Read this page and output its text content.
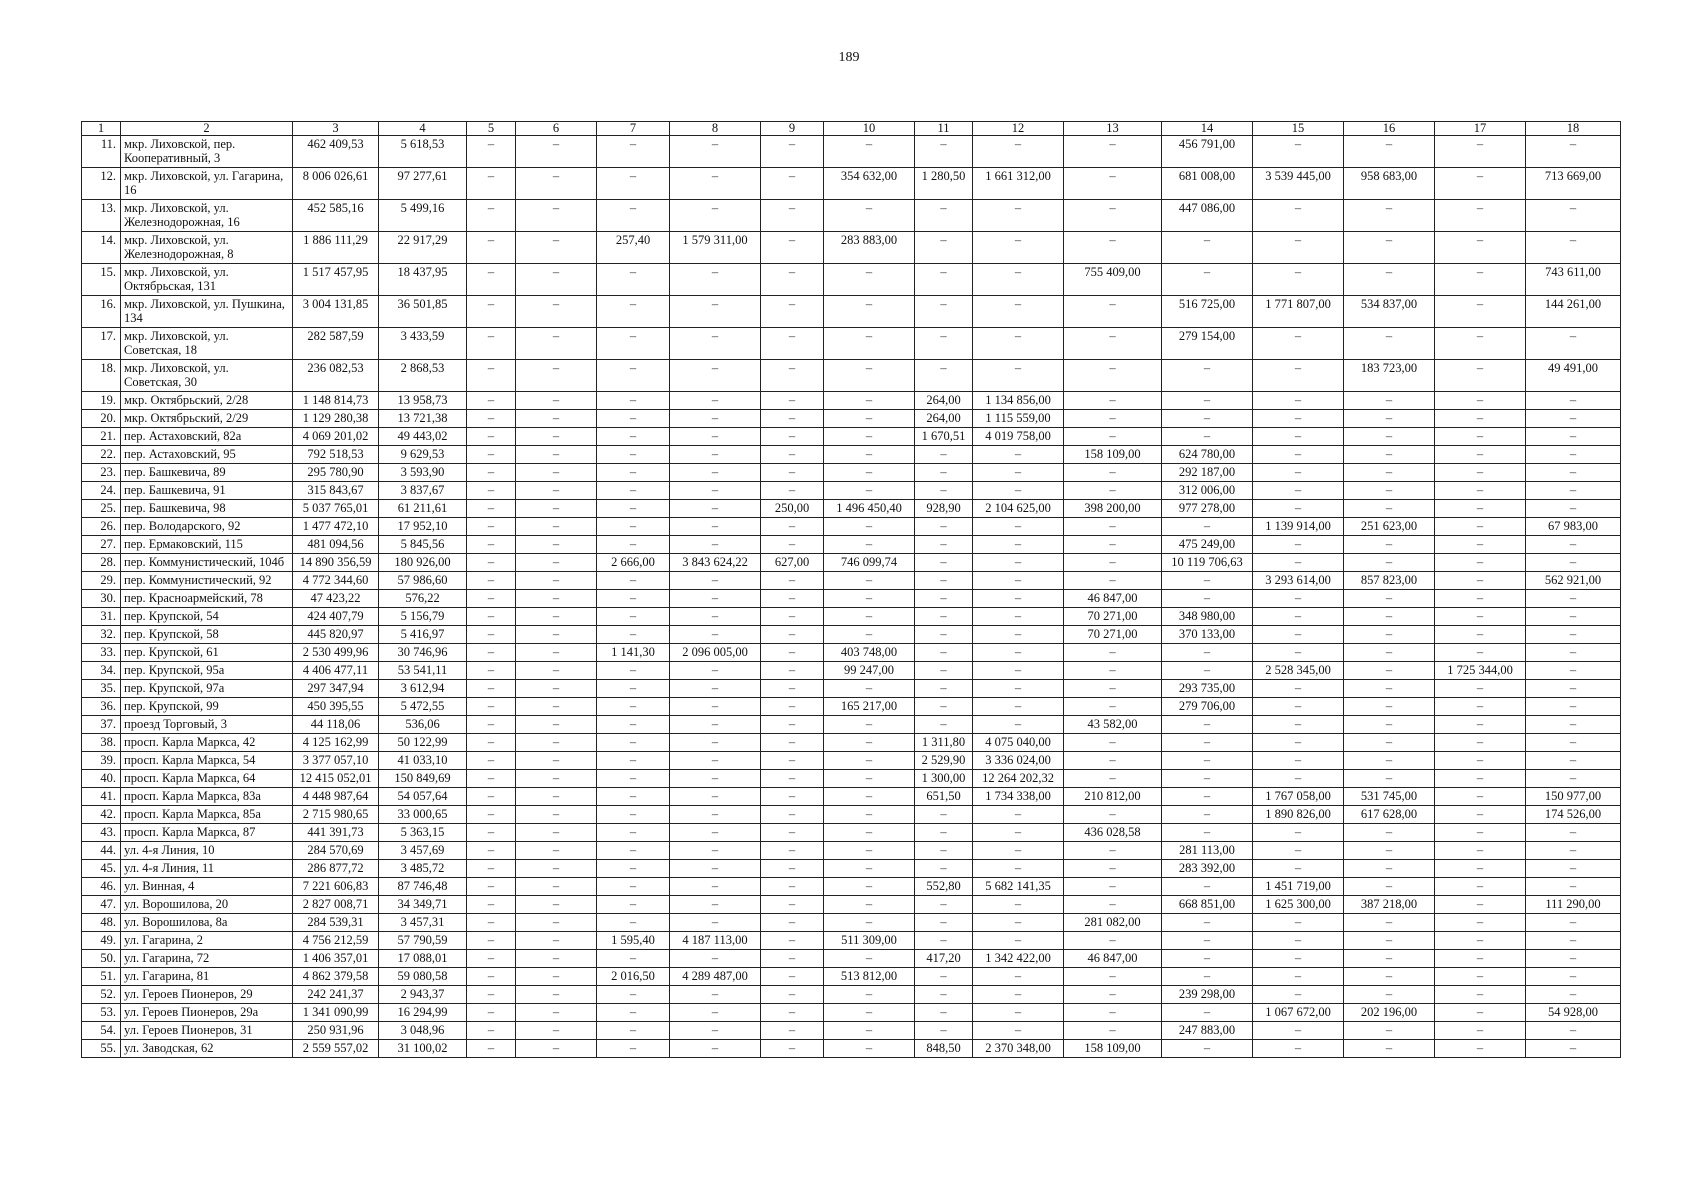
189
1	2	3	4	5	6	7	8	9	10	11	12	13	14	15	16	17	18
11.	мкр. Лиховской, пер. Кооперативный, 3	462 409,53	5 618,53	–	–	–	–	–	–	–	–	–	456 791,00	–	–	–	–
12.	мкр. Лиховской, ул. Гагарина, 16	8 006 026,61	97 277,61	–	–	–	–	–	354 632,00	1 280,50	1 661 312,00	–	681 008,00	3 539 445,00	958 683,00	–	713 669,00
13.	мкр. Лиховской, ул. Железнодорожная, 16	452 585,16	5 499,16	–	–	–	–	–	–	–	–	–	447 086,00	–	–	–	–
14.	мкр. Лиховской, ул. Железнодорожная, 8	1 886 111,29	22 917,29	–	–	257,40	1 579 311,00	–	283 883,00	–	–	–	–	–	–	–	–
15.	мкр. Лиховской, ул. Октябрьская, 131	1 517 457,95	18 437,95	–	–	–	–	–	–	–	–	755 409,00	–	–	–	–	743 611,00
16.	мкр. Лиховской, ул. Пушкина, 134	3 004 131,85	36 501,85	–	–	–	–	–	–	–	–	–	516 725,00	1 771 807,00	534 837,00	–	144 261,00
17.	мкр. Лиховской, ул. Советская, 18	282 587,59	3 433,59	–	–	–	–	–	–	–	–	–	279 154,00	–	–	–	–
18.	мкр. Лиховской, ул. Советская, 30	236 082,53	2 868,53	–	–	–	–	–	–	–	–	–	–	–	183 723,00	–	49 491,00
19.	мкр. Октябрьский, 2/28	1 148 814,73	13 958,73	–	–	–	–	–	–	264,00	1 134 856,00	–	–	–	–	–	–
20.	мкр. Октябрьский, 2/29	1 129 280,38	13 721,38	–	–	–	–	–	–	264,00	1 115 559,00	–	–	–	–	–	–
21.	пер. Астаховский, 82а	4 069 201,02	49 443,02	–	–	–	–	–	–	1 670,51	4 019 758,00	–	–	–	–	–	–
22.	пер. Астаховский, 95	792 518,53	9 629,53	–	–	–	–	–	–	–	–	158 109,00	624 780,00	–	–	–	–
23.	пер. Башкевича, 89	295 780,90	3 593,90	–	–	–	–	–	–	–	–	–	292 187,00	–	–	–	–
24.	пер. Башкевича, 91	315 843,67	3 837,67	–	–	–	–	–	–	–	–	–	312 006,00	–	–	–	–
25.	пер. Башкевича, 98	5 037 765,01	61 211,61	–	–	–	–	250,00	1 496 450,40	928,90	2 104 625,00	398 200,00	977 278,00	–	–	–	–
26.	пер. Володарского, 92	1 477 472,10	17 952,10	–	–	–	–	–	–	–	–	–	–	1 139 914,00	251 623,00	–	67 983,00
27.	пер. Ермаковский, 115	481 094,56	5 845,56	–	–	–	–	–	–	–	–	–	475 249,00	–	–	–	–
28.	пер. Коммунистический, 104б	14 890 356,59	180 926,00	–	–	2 666,00	3 843 624,22	627,00	746 099,74	–	–	–	10 119 706,63	–	–	–	–
29.	пер. Коммунистический, 92	4 772 344,60	57 986,60	–	–	–	–	–	–	–	–	–	–	3 293 614,00	857 823,00	–	562 921,00
30.	пер. Красноармейский, 78	47 423,22	576,22	–	–	–	–	–	–	–	–	46 847,00	–	–	–	–	–
31.	пер. Крупской, 54	424 407,79	5 156,79	–	–	–	–	–	–	–	–	70 271,00	348 980,00	–	–	–	–
32.	пер. Крупской, 58	445 820,97	5 416,97	–	–	–	–	–	–	–	–	70 271,00	370 133,00	–	–	–	–
33.	пер. Крупской, 61	2 530 499,96	30 746,96	–	–	1 141,30	2 096 005,00	–	403 748,00	–	–	–	–	–	–	–	–
34.	пер. Крупской, 95а	4 406 477,11	53 541,11	–	–	–	–	–	99 247,00	–	–	–	–	2 528 345,00	–	1 725 344,00	–
35.	пер. Крупской, 97а	297 347,94	3 612,94	–	–	–	–	–	–	–	–	–	293 735,00	–	–	–	–
36.	пер. Крупской, 99	450 395,55	5 472,55	–	–	–	–	–	165 217,00	–	–	–	279 706,00	–	–	–	–
37.	проезд Торговый, 3	44 118,06	536,06	–	–	–	–	–	–	–	–	43 582,00	–	–	–	–	–
38.	просп. Карла Маркса, 42	4 125 162,99	50 122,99	–	–	–	–	–	–	1 311,80	4 075 040,00	–	–	–	–	–	–
39.	просп. Карла Маркса, 54	3 377 057,10	41 033,10	–	–	–	–	–	–	2 529,90	3 336 024,00	–	–	–	–	–	–
40.	просп. Карла Маркса, 64	12 415 052,01	150 849,69	–	–	–	–	–	–	1 300,00	12 264 202,32	–	–	–	–	–	–
41.	просп. Карла Маркса, 83а	4 448 987,64	54 057,64	–	–	–	–	–	–	651,50	1 734 338,00	210 812,00	–	1 767 058,00	531 745,00	–	150 977,00
42.	просп. Карла Маркса, 85а	2 715 980,65	33 000,65	–	–	–	–	–	–	–	–	–	–	1 890 826,00	617 628,00	–	174 526,00
43.	просп. Карла Маркса, 87	441 391,73	5 363,15	–	–	–	–	–	–	–	–	436 028,58	–	–	–	–	–
44.	ул. 4-я Линия, 10	284 570,69	3 457,69	–	–	–	–	–	–	–	–	–	281 113,00	–	–	–	–
45.	ул. 4-я Линия, 11	286 877,72	3 485,72	–	–	–	–	–	–	–	–	–	283 392,00	–	–	–	–
46.	ул. Винная, 4	7 221 606,83	87 746,48	–	–	–	–	–	–	552,80	5 682 141,35	–	–	1 451 719,00	–	–	–
47.	ул. Ворошилова, 20	2 827 008,71	34 349,71	–	–	–	–	–	–	–	–	–	668 851,00	1 625 300,00	387 218,00	–	111 290,00
48.	ул. Ворошилова, 8а	284 539,31	3 457,31	–	–	–	–	–	–	–	–	281 082,00	–	–	–	–	–
49.	ул. Гагарина, 2	4 756 212,59	57 790,59	–	–	1 595,40	4 187 113,00	–	511 309,00	–	–	–	–	–	–	–	–
50.	ул. Гагарина, 72	1 406 357,01	17 088,01	–	–	–	–	–	–	417,20	1 342 422,00	46 847,00	–	–	–	–	–
51.	ул. Гагарина, 81	4 862 379,58	59 080,58	–	–	2 016,50	4 289 487,00	–	513 812,00	–	–	–	–	–	–	–	–
52.	ул. Героев Пионеров, 29	242 241,37	2 943,37	–	–	–	–	–	–	–	–	–	239 298,00	–	–	–	–
53.	ул. Героев Пионеров, 29а	1 341 090,99	16 294,99	–	–	–	–	–	–	–	–	–	–	1 067 672,00	202 196,00	–	54 928,00
54.	ул. Героев Пионеров, 31	250 931,96	3 048,96	–	–	–	–	–	–	–	–	–	247 883,00	–	–	–	–
55.	ул. Заводская, 62	2 559 557,02	31 100,02	–	–	–	–	–	–	848,50	2 370 348,00	158 109,00	–	–	–	–	–
